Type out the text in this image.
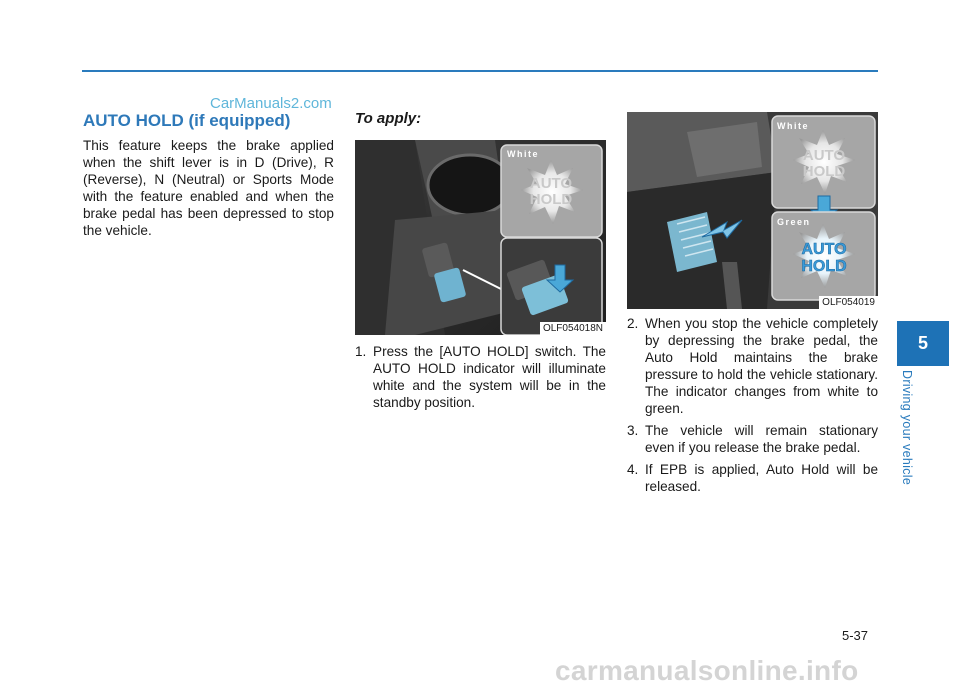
CarManuals2.com
AUTO HOLD (if equipped)
This feature keeps the brake applied when the shift lever is in D (Drive), R (Reverse), N (Neutral) or Sports Mode with the feature enabled and when the brake pedal has been depressed to stop the vehicle.
To apply:
White
AUTO
HOLD
OLF054018N
White
AUTO
HOLD
Green
AUTO
HOLD
OLF054019
1. Press the [AUTO HOLD] switch. The AUTO HOLD indicator will illuminate white and the system will be in the standby position.
2. When you stop the vehicle completely by depressing the brake pedal, the Auto Hold maintains the brake pressure to hold the vehicle stationary. The indicator changes from white to green.
3. The vehicle will remain stationary even if you release the brake pedal.
4. If EPB is applied, Auto Hold will be released.
5
Driving your vehicle
5-37
carmanualsonline.info
